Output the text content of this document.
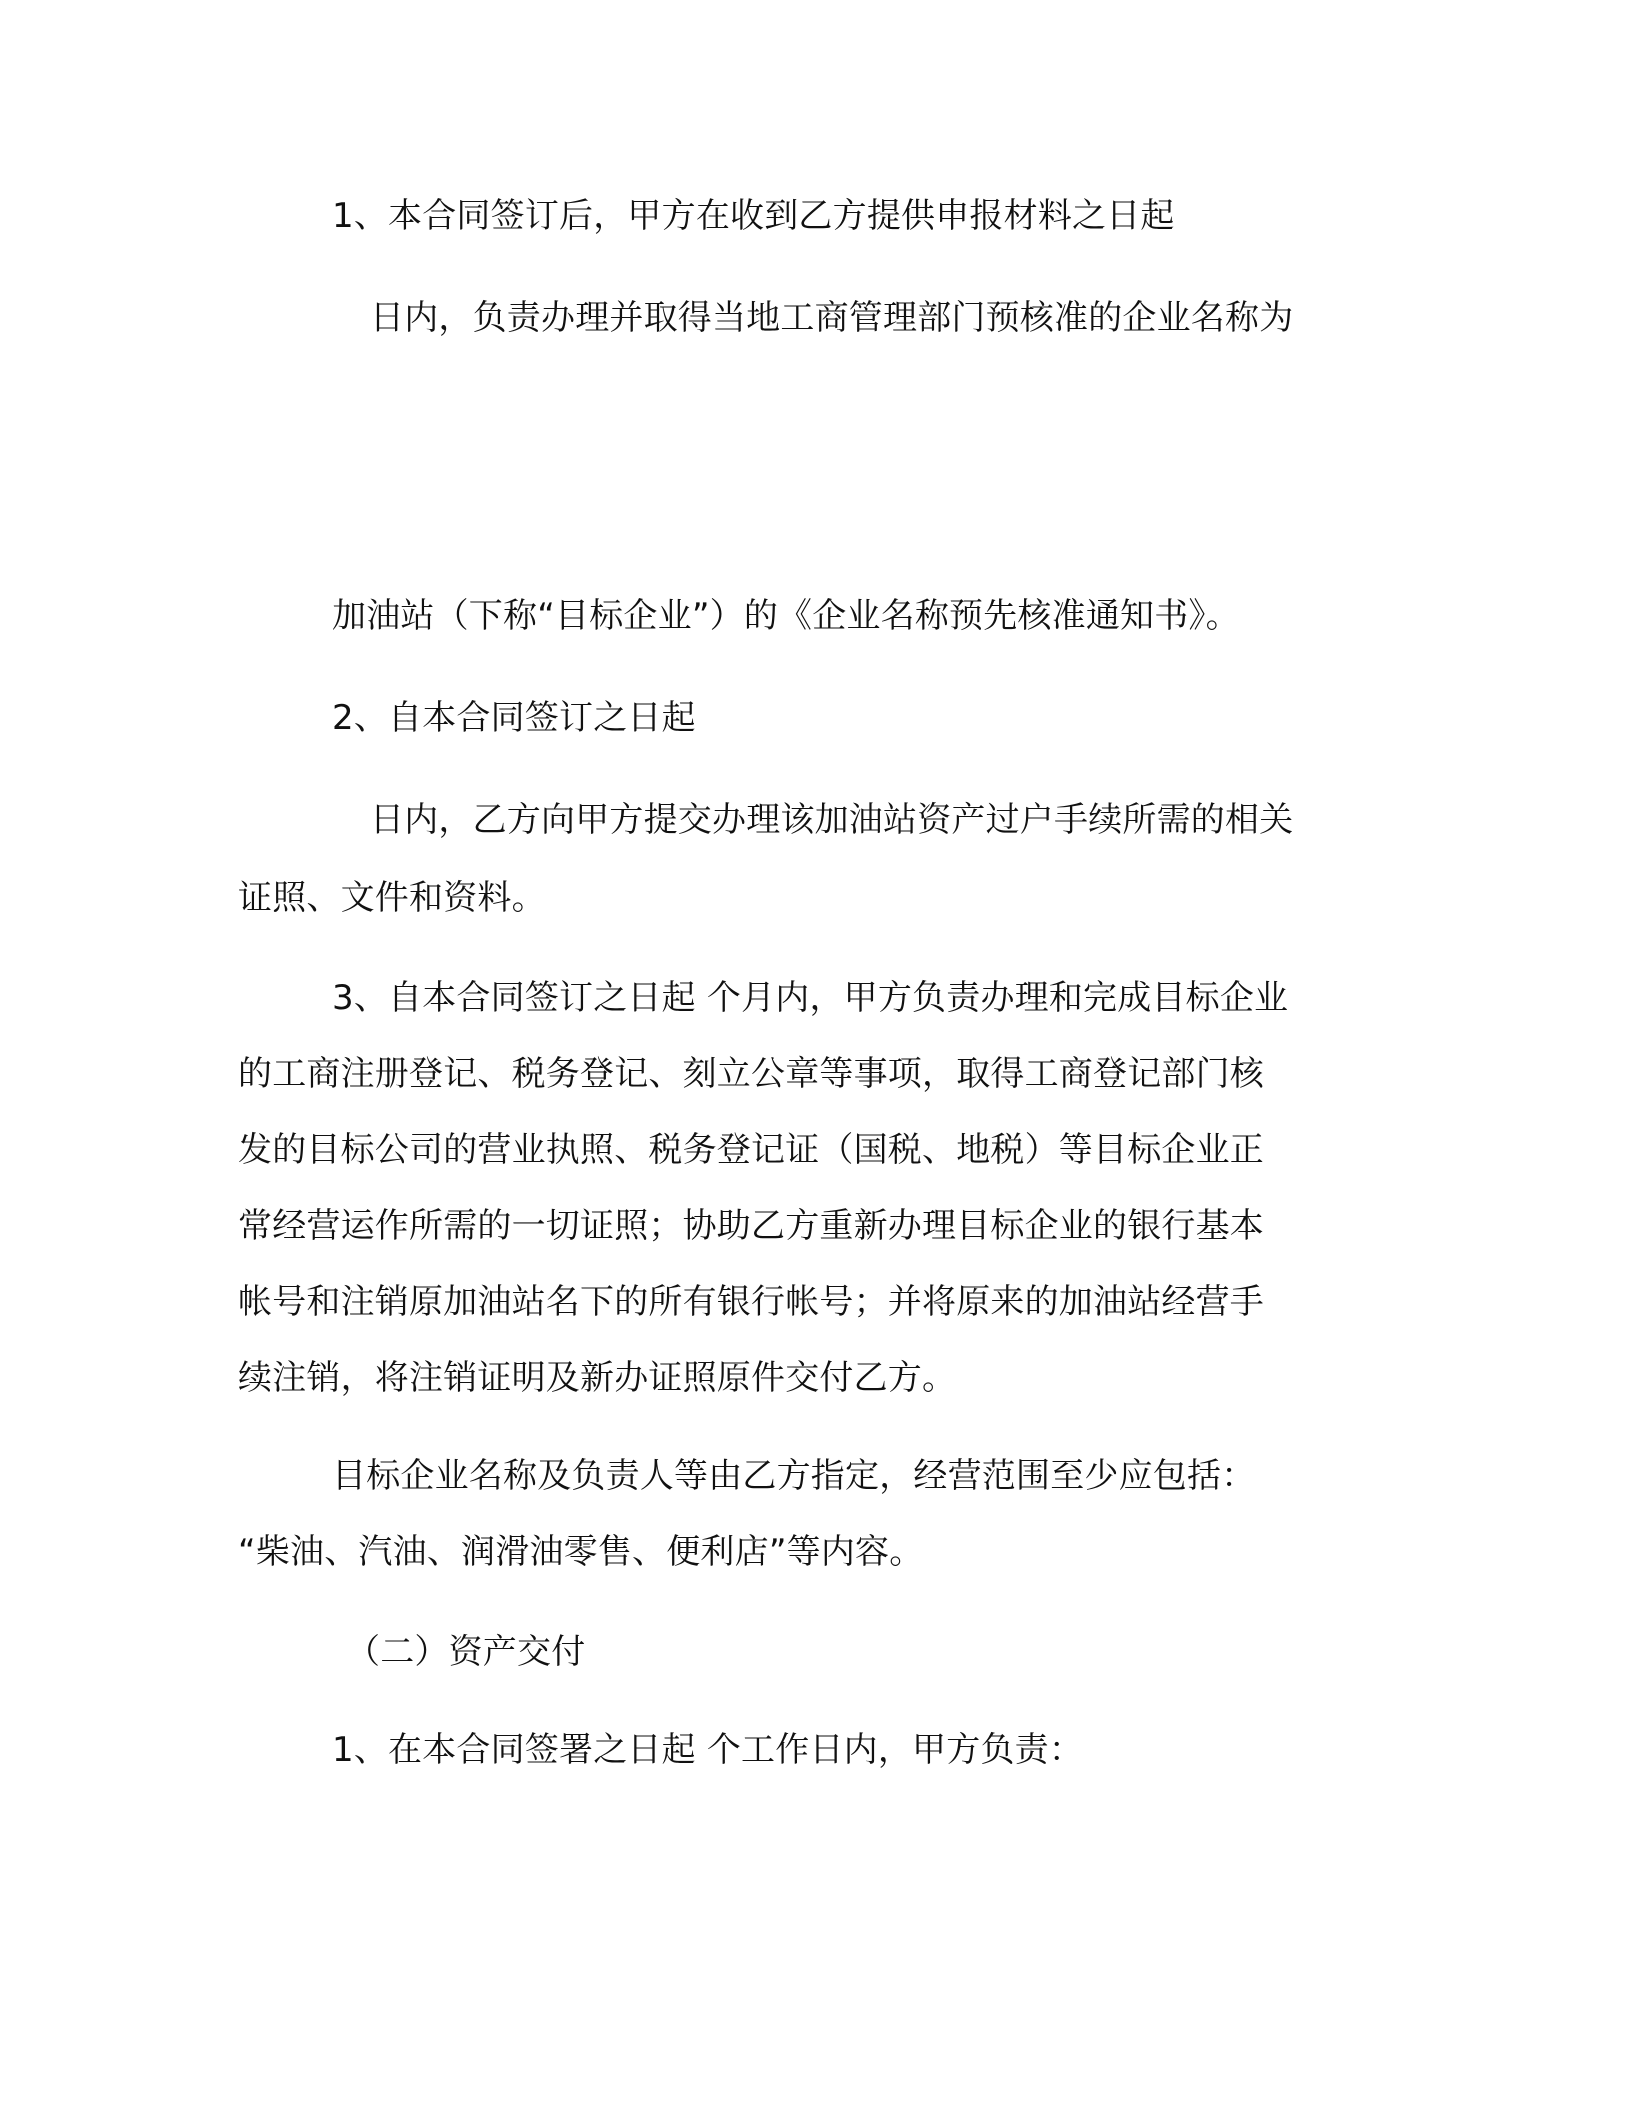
1、本合同签订后，甲方在收到乙方提供申报材料之日起

日内，负责办理并取得当地工商管理部门预核准的企业名称为

加油站（下称“目标企业”）的《企业名称预先核准通知书》。

2、自本合同签订之日起

日内，乙方向甲方提交办理该加油站资产过户手续所需的相关

证照、文件和资料。

3、自本合同签订之日起 个月内，甲方负责办理和完成目标企业

的工商注册登记、税务登记、刻立公章等事项，取得工商登记部门核

发的目标公司的营业执照、税务登记证（国税、地税）等目标企业正

常经营运作所需的一切证照；协助乙方重新办理目标企业的银行基本

帐号和注销原加油站名下的所有银行帐号；并将原来的加油站经营手

续注销，将注销证明及新办证照原件交付乙方。

目标企业名称及负责人等由乙方指定，经营范围至少应包括：

“柴油、汽油、润滑油零售、便利店”等内容。

（二）资产交付

1、在本合同签署之日起 个工作日内，甲方负责：
